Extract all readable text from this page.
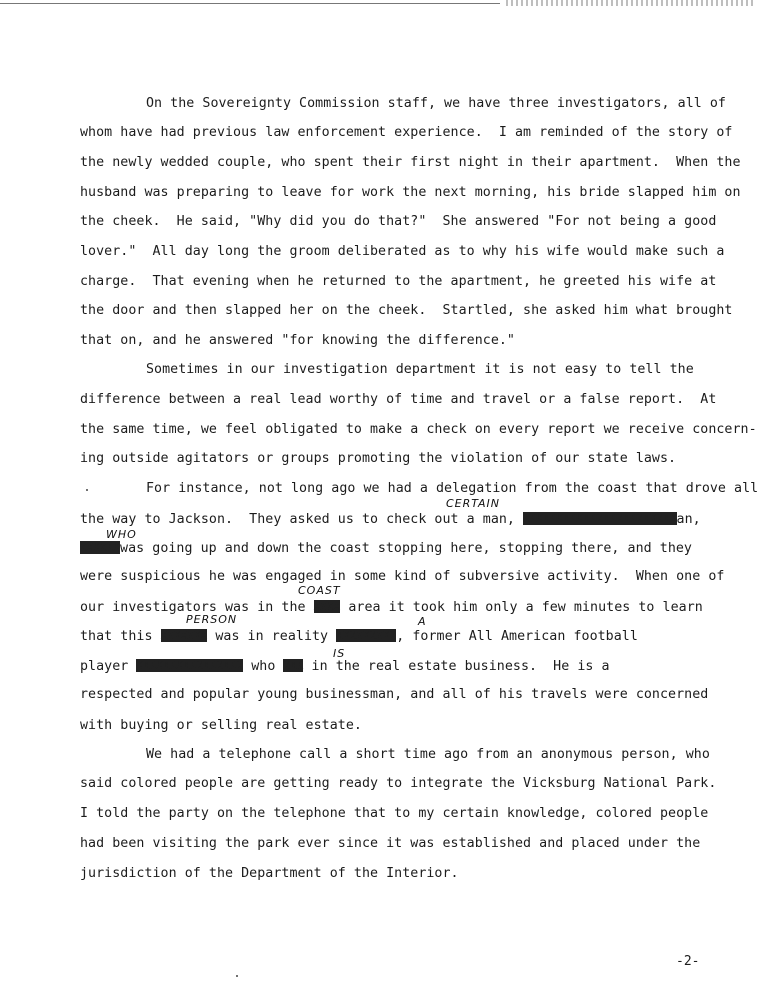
On the Sovereignty Commission staff, we have three investigators, all of
whom have had previous law enforcement experience.  I am reminded of the story of
the newly wedded couple, who spent their first night in their apartment.  When the
husband was preparing to leave for work the next morning, his bride slapped him on
the cheek.  He said, "Why did you do that?"  She answered "For not being a good
lover."  All day long the groom deliberated as to why his wife would make such a
charge.  That evening when he returned to the apartment, he greeted his wife at
the door and then slapped her on the cheek.  Startled, she asked him what brought
that on, and he answered "for knowing the difference."
Sometimes in our investigation department it is not easy to tell the
difference between a real lead worthy of time and travel or a false report.  At
the same time, we feel obligated to make a check on every report we receive concern-
ing outside agitators or groups promoting the violation of our state laws.
For instance, not long ago we had a delegation from the coast that drove all
the way to Jackson.  They asked us to check out a man, XXXXXXXXXXXXXXXXXXXXXXXan,
CERTAIN
XXXXXXwas going up and down the coast stopping here, stopping there, and they
WHO
were suspicious he was engaged in some kind of subversive activity.  When one of
our investigators was in the XXXX area it took him only a few minutes to learn
COAST
that this XXXXXXX was in reality XXXXXXXXX, former All American football
PERSON	A
player XXXXXXXXXXXXXXXX who XXX in the real estate business.  He is a
IS
respected and popular young businessman, and all of his travels were concerned
with buying or selling real estate.
We had a telephone call a short time ago from an anonymous person, who
said colored people are getting ready to integrate the Vicksburg National Park.
I told the party on the telephone that to my certain knowledge, colored people
had been visiting the park ever since it was established and placed under the
jurisdiction of the Department of the Interior.
-2-
